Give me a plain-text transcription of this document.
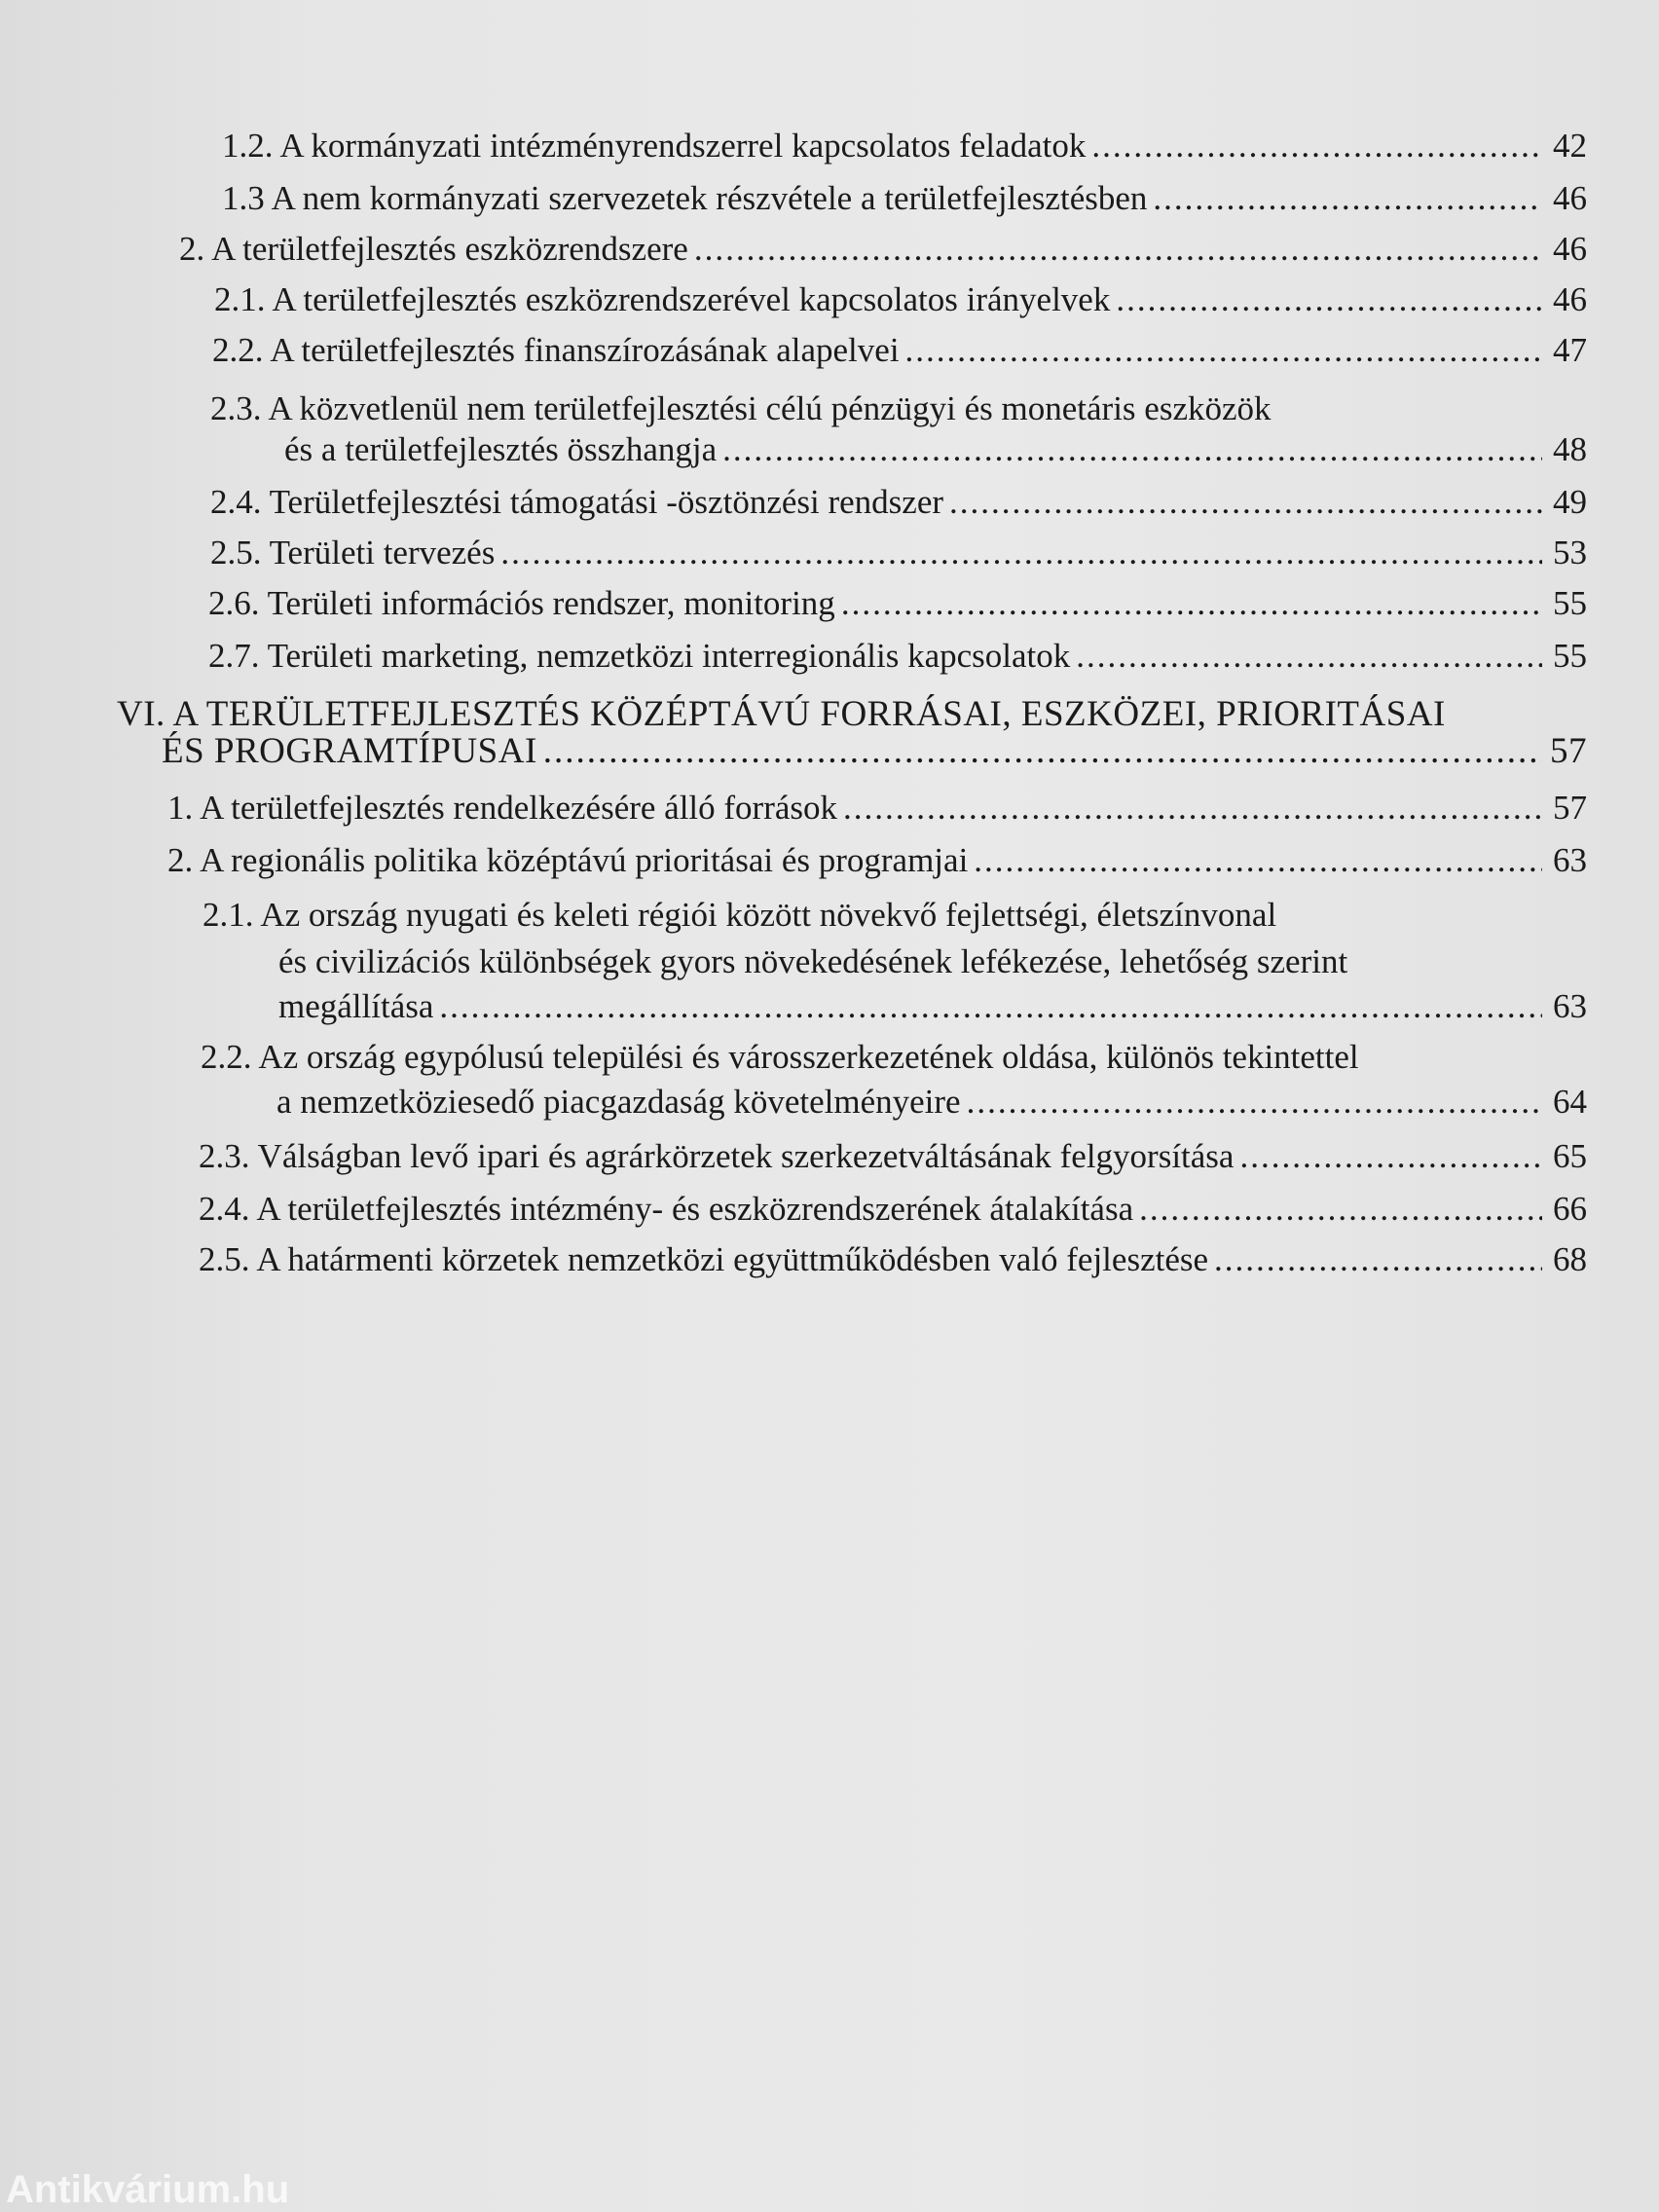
1.2. A kormányzati intézményrendszerrel kapcsolatos feladatok .....	42
1.3 A nem kormányzati szervezetek részvétele a területfejlesztésben .....	46
2. A területfejlesztés eszközrendszere .....	46
2.1. A területfejlesztés eszközrendszerével kapcsolatos irányelvek .....	46
2.2. A területfejlesztés finanszírozásának alapelvei .....	47
2.3. A közvetlenül nem területfejlesztési célú pénzügyi és monetáris eszközök
és a területfejlesztés összhangja .....	48
2.4. Területfejlesztési támogatási -ösztönzési rendszer .....	49
2.5. Területi tervezés .....	53
2.6. Területi információs rendszer, monitoring .....	55
2.7. Területi marketing, nemzetközi interregionális kapcsolatok .....	55
VI. A TERÜLETFEJLESZTÉS KÖZÉPTÁVÚ FORRÁSAI, ESZKÖZEI, PRIORITÁSAI
ÉS PROGRAMTÍPUSAI .....	57
1. A területfejlesztés rendelkezésére álló források .....	57
2. A regionális politika középtávú prioritásai és programjai .....	63
2.1. Az ország nyugati és keleti régiói között növekvő fejlettségi, életszínvonal
és civilizációs különbségek gyors növekedésének lefékezése, lehetőség szerint
megállítása .....	63
2.2. Az ország egypólusú települési és városszerkezetének oldása, különös tekintettel
a nemzetköziesedő piacgazdaság követelményeire .....	64
2.3. Válságban levő ipari és agrárkörzetek szerkezetváltásának felgyorsítása .....	65
2.4. A területfejlesztés intézmény- és eszközrendszerének átalakítása .....	66
2.5. A határmenti körzetek nemzetközi együttműködésben való fejlesztése .....	68
Antikvárium.hu
